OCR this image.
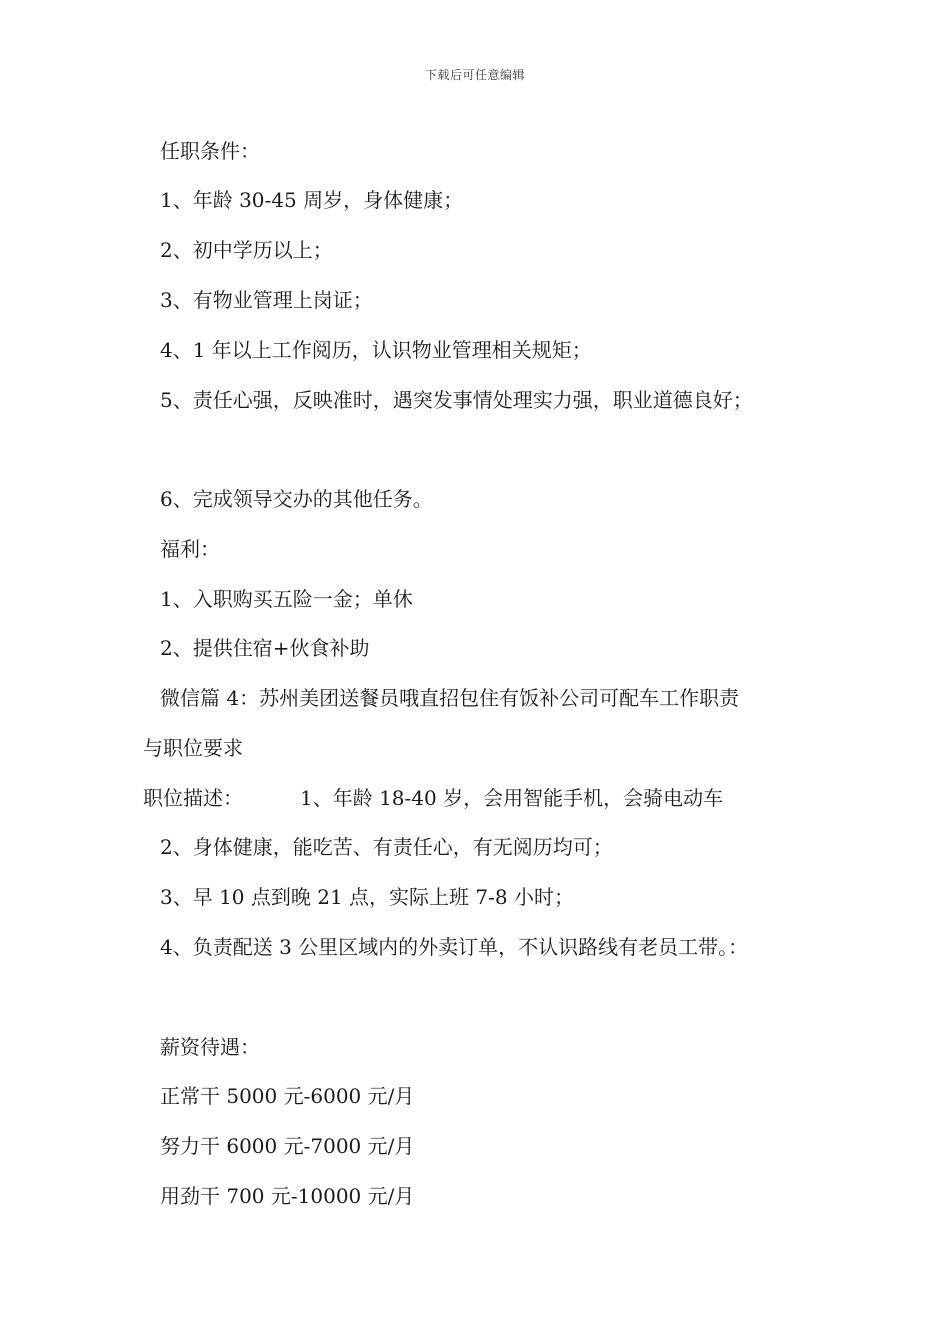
下载后可任意编辑
任职条件：
1、年龄 30-45 周岁，身体健康；
2、初中学历以上；
3、有物业管理上岗证；
4、1 年以上工作阅历，认识物业管理相关规矩；
5、责任心强，反映准时，遇突发事情处理实力强，职业道德良好；
6、完成领导交办的其他任务。
福利：
1、入职购买五险一金；单休
2、提供住宿+伙食补助
微信篇 4：苏州美团送餐员哦直招包住有饭补公司可配车工作职责
与职位要求
职位描述：	1、年龄 18-40 岁，会用智能手机，会骑电动车
2、身体健康，能吃苦、有责任心，有无阅历均可；
3、早 10 点到晚 21 点，实际上班 7-8 小时；
4、负责配送 3 公里区域内的外卖订单，不认识路线有老员工带。：
薪资待遇：
正常干 5000 元-6000 元/月
努力干 6000 元-7000 元/月
用劲干 700 元-10000 元/月
